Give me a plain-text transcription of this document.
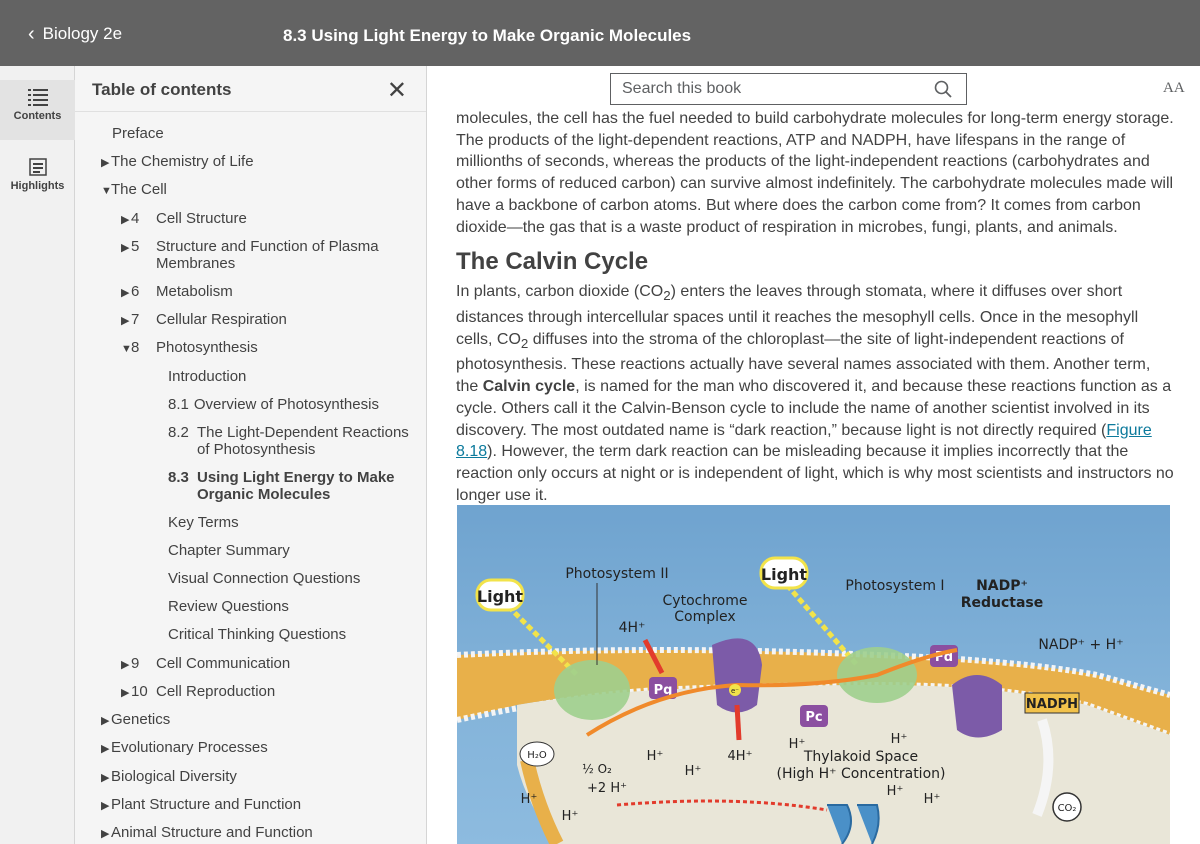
‹ Biology 2e	8.3 Using Light Energy to Make Organic Molecules
Contents
Highlights
Table of contents	✕
Preface
▶ The Chemistry of Life
▼The Cell
▶ 4 Cell Structure
▶ 5 Structure and Function of Plasma Membranes
▶ 6 Metabolism
▶ 7 Cellular Respiration
▼8 Photosynthesis
Introduction
8.1 Overview of Photosynthesis
8.2 The Light-Dependent Reactions of Photosynthesis
8.3 Using Light Energy to Make Organic Molecules
Key Terms
Chapter Summary
Visual Connection Questions
Review Questions
Critical Thinking Questions
▶ 9 Cell Communication
▶ 10 Cell Reproduction
▶ Genetics
▶ Evolutionary Processes
▶ Biological Diversity
▶ Plant Structure and Function
▶ Animal Structure and Function
Search this book
AA
molecules, the cell has the fuel needed to build carbohydrate molecules for long-term energy storage. The products of the light-dependent reactions, ATP and NADPH, have lifespans in the range of millionths of seconds, whereas the products of the light-independent reactions (carbohydrates and other forms of reduced carbon) can survive almost indefinitely. The carbohydrate molecules made will have a backbone of carbon atoms. But where does the carbon come from? It comes from carbon dioxide—the gas that is a waste product of respiration in microbes, fungi, plants, and animals.
The Calvin Cycle
In plants, carbon dioxide $(CO_2)$ enters the leaves through stomata, where it diffuses over short distances through intercellular spaces until it reaches the mesophyll cells. Once in the mesophyll cells, $CO_2$ diffuses into the stroma of the chloroplast—the site of light-independent reactions of photosynthesis. These reactions actually have several names associated with them. Another term, the Calvin cycle, is named for the man who discovered it, and because these reactions function as a cycle. Others call it the Calvin-Benson cycle to include the name of another scientist involved in its discovery. The most outdated name is “dark reaction,” because light is not directly required (Figure 8.18). However, the term dark reaction can be misleading because it implies incorrectly that the reaction only occurs at night or is independent of light, which is why most scientists and instructors no longer use it.
Light
Light
Photosystem II
Cytochrome
Complex
Pq
4H⁺
Pc
Photosystem I
Fd
NADP⁺
Reductase
NADP⁺ + H⁺
NADPH
CO₂
e⁻
H₂O
½ O₂
+2 H⁺
H⁺	4H⁺
H⁺
H⁺	H⁺
Thylakoid Space
(High H⁺ Concentration)
H⁺
H⁺
H⁺
H⁺
